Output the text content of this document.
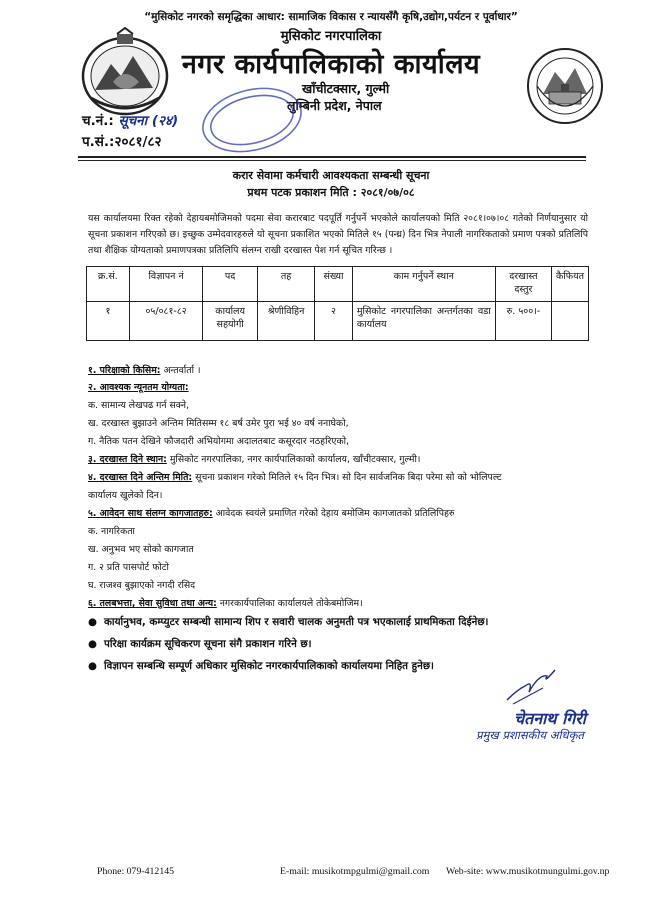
“मुसिकोट नगरको समृद्धिका आधार: सामाजिक विकास र न्यायसँगै कृषि,उद्योग,पर्यटन र पूर्वाधार”
मुसिकोट नगरपालिका
नगर कार्यपालिकाको कार्यालय
खाँचीटक्सार, गुल्मी
लुम्बिनी प्रदेश, नेपाल
च.नं.: सूचना (२४)
प.सं.:२०८१/८२
करार सेवामा कर्मचारी आवश्यकता सम्बन्धी सूचना
प्रथम पटक प्रकाशन मिति : २०८१/०७/०८
यस कार्यालयमा रिक्त रहेको देहायबमोजिमको पदमा सेवा करारबाट पदपूर्ति गर्नुपर्ने भएकोले कार्यालयको मिति २०८१।०७।०८ गतेको निर्णयानुसार यो सूचना प्रकाशन गरिएको छ। इच्छुक उम्मेदवारहरुले यो सूचना प्रकाशित भएको मितिले १५ (पन्ध्र) दिन भित्र नेपाली नागरिकताको प्रमाण पत्रको प्रतिलिपि तथा शैक्षिक योग्यताको प्रमाणपत्रका प्रतिलिपि संलग्न राखी दरखास्त पेश गर्न सूचित गरिन्छ ।
क्र.सं.	विज्ञापन नं	पद	तह	संख्या	काम गर्नुपर्ने स्थान	दरखास्त दस्तुर	कैफियत
१	०५/०८१-८२	कार्यालय सहयोगी	श्रेणीविहिन	२	मुसिकोट नगरपालिका अन्तर्गतका वडा कार्यालय	रु. ५००।-	
१. परिक्षाको किसिम: अन्तर्वार्ता ।
२. आवश्यक न्यूनतम योग्यता:
क. सामान्य लेखपढ गर्न सक्ने,
ख. दरखास्त बुझाउने अन्तिम मितिसम्म १८ बर्ष उमेर पुरा भई ४० वर्ष ननाघेको,
ग. नैतिक पतन देखिने फौजदारी अभियोगमा अदालतबाट कसूरदार नठहरिएको,
३. दरखास्त दिने स्थान: मुसिकोट नगरपालिका, नगर कार्यपालिकाको कार्यालय, खाँचीटक्सार, गुल्मी।
४. दरखास्त दिने अन्तिम मिति: सूचना प्रकाशन गरेको मितिले १५ दिन भित्र। सो दिन सार्वजनिक बिदा परेमा सो को भोलिपल्ट
कार्यालय खुलेको दिन।
५. आवेदन साथ संलग्न कागजातहरु: आवेदक स्वयंले प्रमाणित गरेको देहाय बमोजिम कागजातको प्रतिलिपिहरु
क. नागरिकता
ख. अनुभव भए सोको कागजात
ग. २ प्रति पासपोर्ट फोटो
घ. राजश्व बुझाएको नगदी रसिद
६. तलबभत्ता, सेवा सुविधा तथा अन्य: नगरकार्यपालिका कार्यालयले तोकेबमोजिम।
● कार्यानुभव, कम्प्युटर सम्बन्धी सामान्य शिप र सवारी चालक अनुमती पत्र भएकालाई प्राथमिकता दिईनेछ।
● परिक्षा कार्यक्रम सूचिकरण सूचना संगै प्रकाशन गरिने छ।
● विज्ञापन सम्बन्धि सम्पूर्ण अधिकार मुसिकोट नगरकार्यपालिकाको कार्यालयमा निहित हुनेछ।
चेतनाथ गिरी
प्रमुख प्रशासकीय अधिकृत
Phone: 079-412145	E-mail: musikotmpgulmi@gmail.com Web-site: www.musikotmungulmi.gov.np
